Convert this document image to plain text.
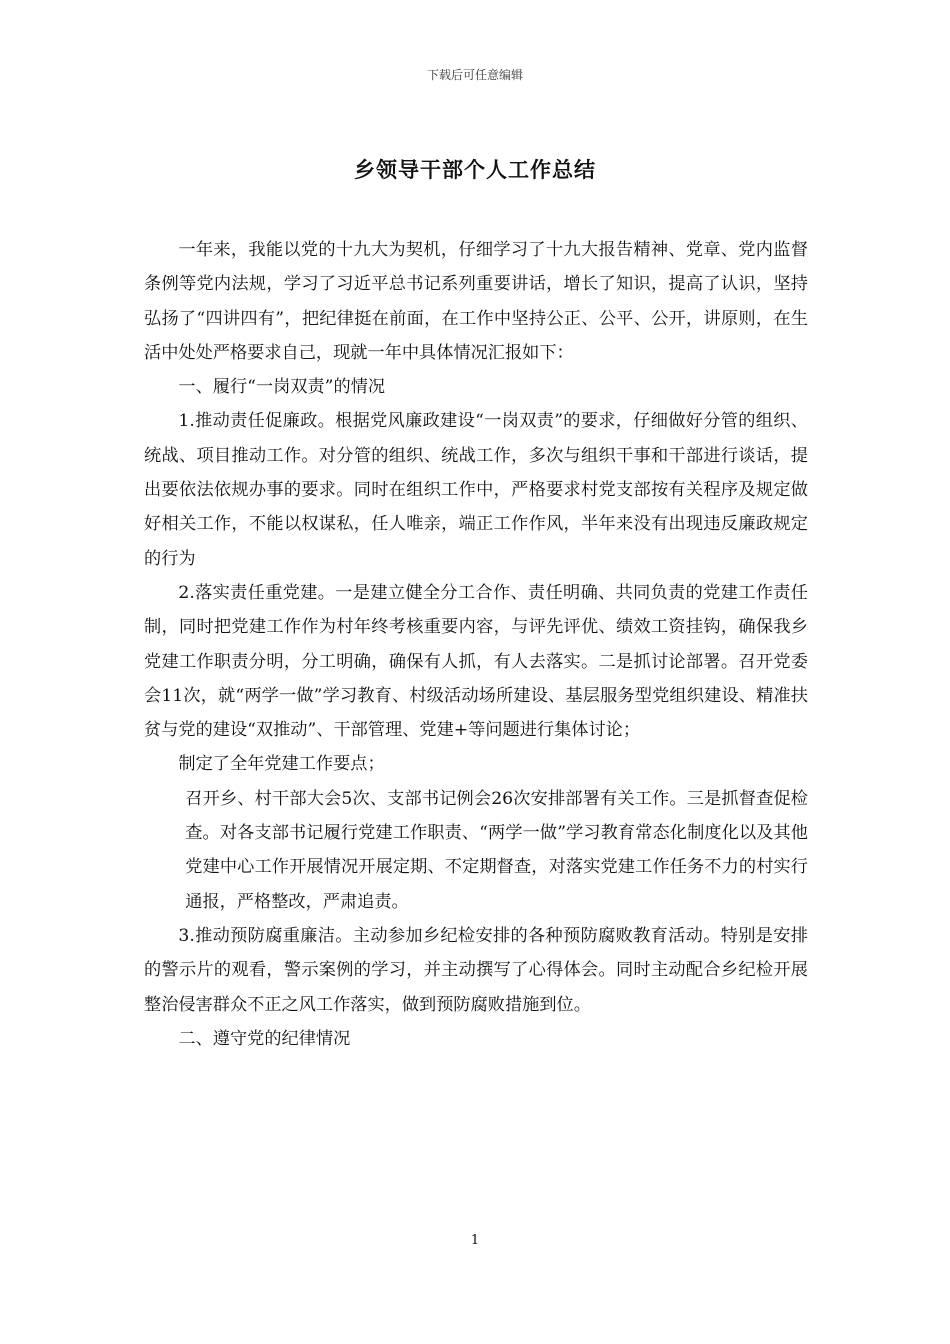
下载后可任意编辑
乡领导干部个人工作总结

一年来，我能以党的十九大为契机，仔细学习了十九大报告精神、党章、党内监督条例等党内法规，学习了习近平总书记系列重要讲话，增长了知识，提高了认识，坚持弘扬了“四讲四有”，把纪律挺在前面，在工作中坚持公正、公平、公开，讲原则，在生活中处处严格要求自己，现就一年中具体情况汇报如下：

一、履行“一岗双责”的情况

1.推动责任促廉政。根据党风廉政建设“一岗双责”的要求，仔细做好分管的组织、统战、项目推动工作。对分管的组织、统战工作，多次与组织干事和干部进行谈话，提出要依法依规办事的要求。同时在组织工作中，严格要求村党支部按有关程序及规定做好相关工作，不能以权谋私，任人唯亲，端正工作作风，半年来没有出现违反廉政规定的行为

2.落实责任重党建。一是建立健全分工合作、责任明确、共同负责的党建工作责任制，同时把党建工作作为村年终考核重要内容，与评先评优、绩效工资挂钩，确保我乡党建工作职责分明，分工明确，确保有人抓，有人去落实。二是抓讨论部署。召开党委会11次，就“两学一做”学习教育、村级活动场所建设、基层服务型党组织建设、精准扶贫与党的建设“双推动”、干部管理、党建+等问题进行集体讨论；

制定了全年党建工作要点；

召开乡、村干部大会5次、支部书记例会26次安排部署有关工作。三是抓督查促检查。对各支部书记履行党建工作职责、“两学一做”学习教育常态化制度化以及其他党建中心工作开展情况开展定期、不定期督查，对落实党建工作任务不力的村实行通报，严格整改，严肃追责。

3.推动预防腐重廉洁。主动参加乡纪检安排的各种预防腐败教育活动。特别是安排的警示片的观看，警示案例的学习，并主动撰写了心得体会。同时主动配合乡纪检开展整治侵害群众不正之风工作落实，做到预防腐败措施到位。

二、遵守党的纪律情况

1
